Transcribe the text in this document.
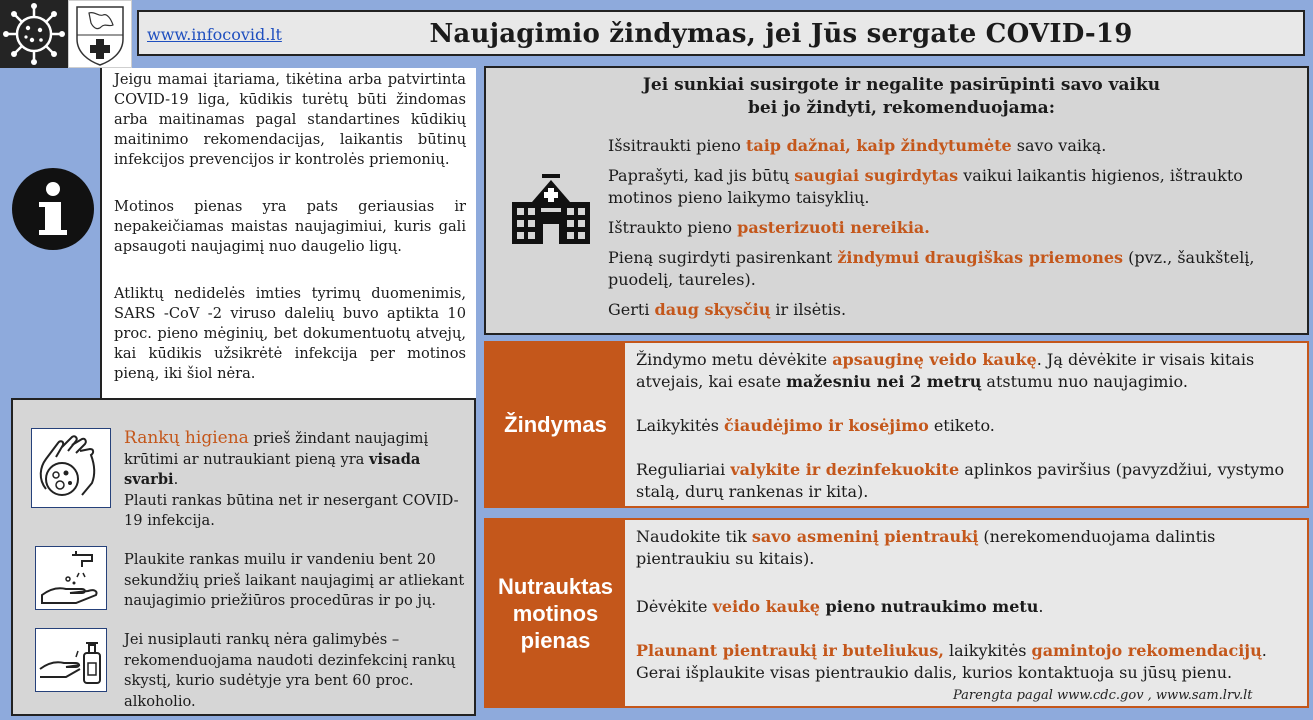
www.infocovid.lt	Naujagimio žindymas, jei Jūs sergate COVID-19

Jeigu mamai įtariama, tikėtina arba patvirtinta COVID-19 liga, kūdikis turėtų būti žindomas arba maitinamas pagal standartines kūdikių maitinimo rekomendacijas, laikantis būtinų infekcijos prevencijos ir kontrolės priemonių.

Motinos pienas yra pats geriausias ir nepakeičiamas maistas naujagimiui, kuris gali apsaugoti naujagimį nuo daugelio ligų.

Atliktų nedidelės imties tyrimų duomenimis, SARS -CoV -2 viruso dalelių buvo aptikta 10 proc. pieno mėginių, bet dokumentuotų atvejų, kai kūdikis užsikrėtė infekcija per motinos pieną, iki šiol nėra.

Rankų higiena prieš žindant naujagimį krūtimi ar nutraukiant pieną yra visada svarbi.
Plauti rankas būtina net ir nesergant COVID-19 infekcija.
Plaukite rankas muilu ir vandeniu bent 20 sekundžių prieš laikant naujagimį ar atliekant naujagimio priežiūros procedūras ir po jų.
Jei nusiplauti rankų nėra galimybės – rekomenduojama naudoti dezinfekcinį rankų skystį, kurio sudėtyje yra bent 60 proc. alkoholio.
Jei sunkiai susirgote ir negalite pasirūpinti savo vaiku
bei jo žindyti, rekomenduojama:
Išsitraukti pieno taip dažnai, kaip žindytumėte savo vaiką.
Paprašyti, kad jis būtų saugiai sugirdytas vaikui laikantis higienos, ištraukto motinos pieno laikymo taisyklių.
Ištraukto pieno pasterizuoti nereikia.
Pieną sugirdyti pasirenkant žindymui draugiškas priemones (pvz., šaukštelį, puodelį, taureles).
Gerti daug skysčių ir ilsėtis.
Žindymas
Žindymo metu dėvėkite apsauginę veido kaukę. Ją dėvėkite ir visais kitais atvejais, kai esate mažesniu nei 2 metrų atstumu nuo naujagimio.
Laikykitės čiaudėjimo ir kosėjimo etiketo.
Reguliariai valykite ir dezinfekuokite aplinkos paviršius (pavyzdžiui, vystymo stalą, durų rankenas ir kita).
Nutrauktas motinos pienas
Naudokite tik savo asmeninį pientraukį (nerekomenduojama dalintis pientraukiu su kitais).
Dėvėkite veido kaukę pieno nutraukimo metu.
Plaunant pientraukį ir buteliukus, laikykitės gamintojo rekomendacijų. Gerai išplaukite visas pientraukio dalis, kurios kontaktuoja su jūsų pienu.
Parengta pagal www.cdc.gov , www.sam.lrv.lt
